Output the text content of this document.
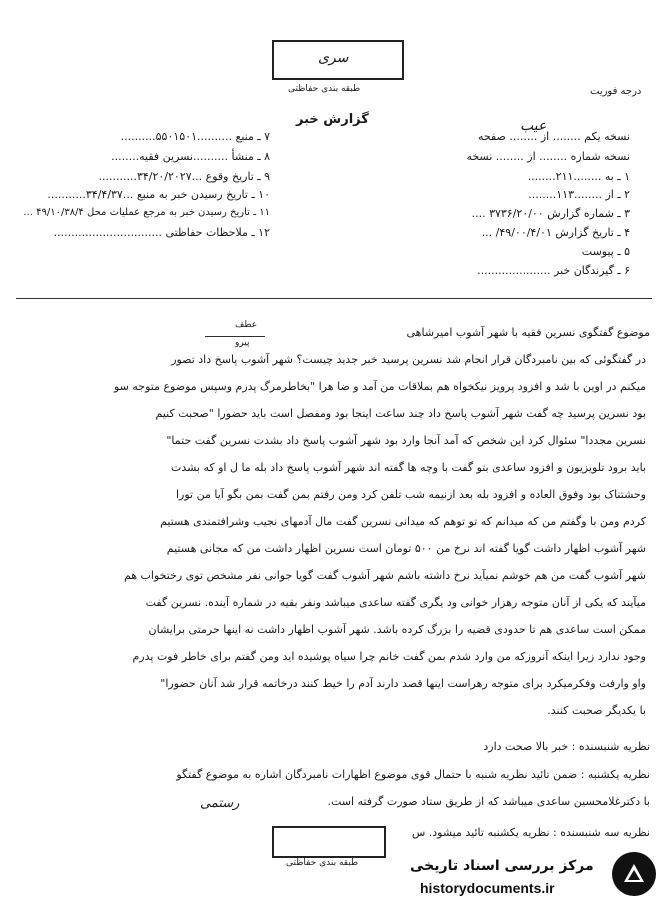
سری
طبقه بندی حفاظتی	درجه فوریت
گزارش خبر
۷ ـ منبع ..........۵۵۰۱۵۰۱..........
۸ ـ منشأ ..........نسرین فقیه........
۹ ـ تاریخ وقوع ...۳۴/۲۰/۲۰۲۷...........
۱۰ ـ تاریخ رسیدن خبر به منبع ...۳۴/۴/۳۷...........
۱۱ ـ تاریخ رسیدن خبر به مرجع عملیات محل ۴۹/۱۰/۳۸/۴ ...
۱۲ ـ ملاحظات حفاظتی ...............................
نسخه یکم ........ از ........ صفحه
عیب
نسخه شماره ........ از ........ نسخه
۱ ـ به ........۲۱۱........
۲ ـ از ........۱۱۳........
۳ ـ شماره گزارش ۳۷۳۶/۲۰/۰۰ ....
۴ ـ تاریخ گزارش ۴۹/۰۰/۴/۰۱/ ...
۵ ـ پیوست
۶ ـ گیرندگان خبر .....................
عطف
پیرو
موضوع گفتگوی نسرین فقیه با شهر آشوب امیرشاهی
در گفتگوئی که بین نامبردگان قرار انجام شد نسرین پرسید خبر جدید چیست؟ شهر آشوب پاسخ داد تصور
میکنم در اوین با شد و افزود پرویز نیکخواه هم بملاقات من آمد و ضا هرا "بخاطرمرگ پدرم وسپس موضوع متوجه سو
بود نسرین پرسید چه گفت شهر آشوب پاسخ داد چند ساعت اینجا بود ومفصل است باید حضورا "صحبت کنیم
نسرین مجددا" سئوال کرد این شخص که آمد آنجا وارد بود شهر آشوب پاسخ داد بشدت نسرین گفت حتما"
باید برود تلویزیون و افزود ساعدی بتو گفت با وچه ها گفته اند شهر آشوب پاسخ داد بله ما ل او که بشدت
وحشتناک بود وفوق العاده و افزود بله بعد ازنیمه شب تلفن کرد ومن رفتم بمن گفت بمن بگو آیا من تورا
کردم ومن با وگفتم من که میدانم که تو توهم که میدانی نسرین گفت مال آدمهای نجیب وشرافتمندی هستیم
شهر آشوب اظهار داشت گویا گفته اند نرخ من ۵۰۰ تومان است نسرین اظهار داشت من که مجانی هستیم
شهر آشوب گفت من هم خوشم نمیآید نرخ داشته باشم شهر آشوب گفت گویا جوانی نفر مشخص توی رختخواب هم
میآیند که یکی از آنان متوجه رهزار خوانی ود یگری گفته ساعدی میباشد ونفر بقیه در شماره آینده. نسرین گفت
ممکن است ساعدی هم تا حدودی قضیه را بزرگ کرده باشد. شهر آشوب اظهار داشت نه اینها حرمتی برایشان
وجود ندارد زیرا اینکه آنروزکه من وارد شدم بمن گفت خانم چرا سیاه پوشیده اید ومن گفتم برای خاطر فوت پدرم
واو وارفت وفکرمیکرد برای متوجه رهراست اینها قصد دارند آدم را خیط کنند درخاتمه قرار شد آنان حضورا"
با یکدیگر صحبت کنند.
نظریه شنبسنده : خبر بالا صحت دارد
نظریه یکشنبه : ضمن تائید نظریه شنبه با حتمال قوی موضوع اظهارات نامبردگان اشاره به موضوع گفتگو
با دکترغلامحسین ساعدی میباشد که از طریق ستاد صورت گرفته است.
رستمی
نظریه سه شنبسنده : نظریه یکشنبه تائید میشود. س
طبقه بندی حفاظتی	مرکز بررسی اسناد تاریخی
historydocuments.ir
